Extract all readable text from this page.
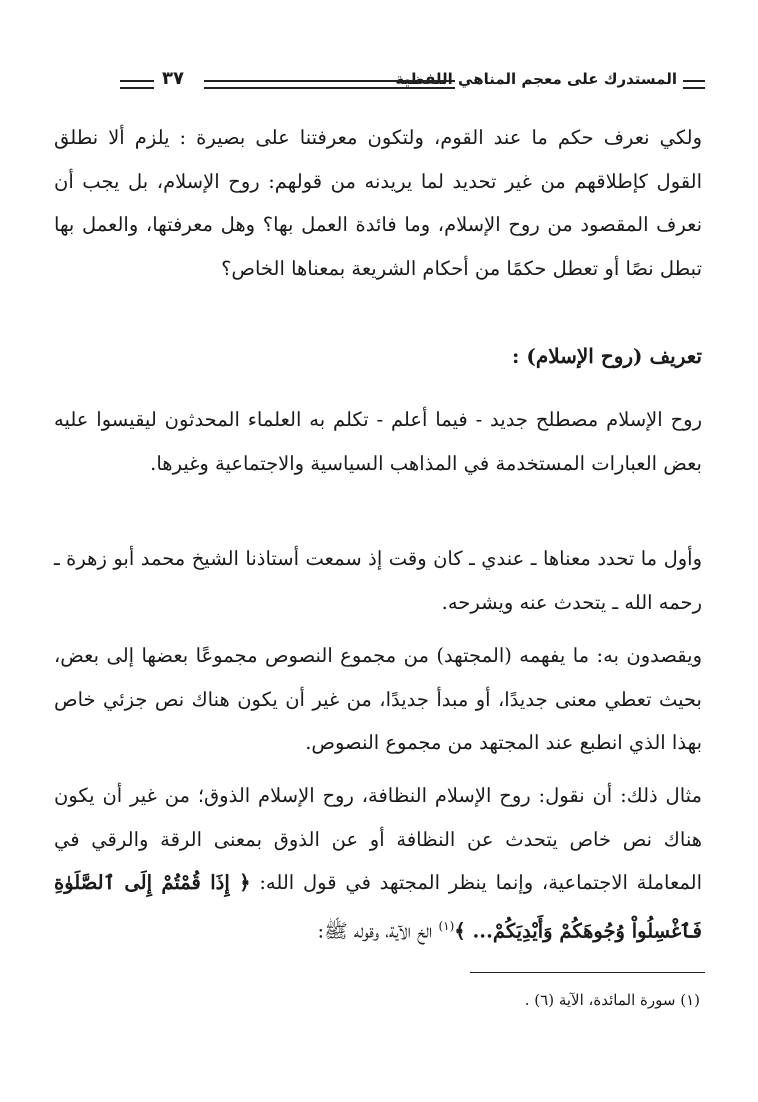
المستدرك على معجم المناهي اللفظية
٣٧

ولكي نعرف حكم ما عند القوم، ولتكون معرفتنا على بصيرة : يلزم ألا نطلق القول كإطلاقهم من غير تحديد لما يريدنه من قولهم: روح الإسلام، بل يجب أن نعرف المقصود من روح الإسلام، وما فائدة العمل بها؟ وهل معرفتها، والعمل بها تبطل نصًا أو تعطل حكمًا من أحكام الشريعة بمعناها الخاص؟

تعريف (روح الإسلام) :

روح الإسلام مصطلح جديد - فيما أعلم - تكلم به العلماء المحدثون ليقيسوا عليه بعض العبارات المستخدمة في المذاهب السياسية والاجتماعية وغيرها.

وأول ما تحدد معناها ـ عندي ـ كان وقت إذ سمعت أستاذنا الشيخ محمد أبو زهرة ـ رحمه الله ـ يتحدث عنه ويشرحه.

ويقصدون به: ما يفهمه (المجتهد) من مجموع النصوص مجموعًا بعضها إلى بعض، بحيث تعطي معنى جديدًا، أو مبدأ جديدًا، من غير أن يكون هناك نص جزئي خاص بهذا الذي انطبع عند المجتهد من مجموع النصوص.

مثال ذلك: أن نقول: روح الإسلام النظافة، روح الإسلام الذوق؛ من غير أن يكون هناك نص خاص يتحدث عن النظافة أو عن الذوق بمعنى الرقة والرقي في المعاملة الاجتماعية، وإنما ينظر المجتهد في قول الله: ﴿ إِذَا قُمْتُمْ إِلَى ٱلصَّلَوٰةِ فَٱغْسِلُواْ وُجُوهَكُمْ وَأَيْدِيَكُمْ... ﴾$^{(١)}$ الخ الآية، وقوله ﷺ:

(١) سورة المائدة، الآية (٦) .
